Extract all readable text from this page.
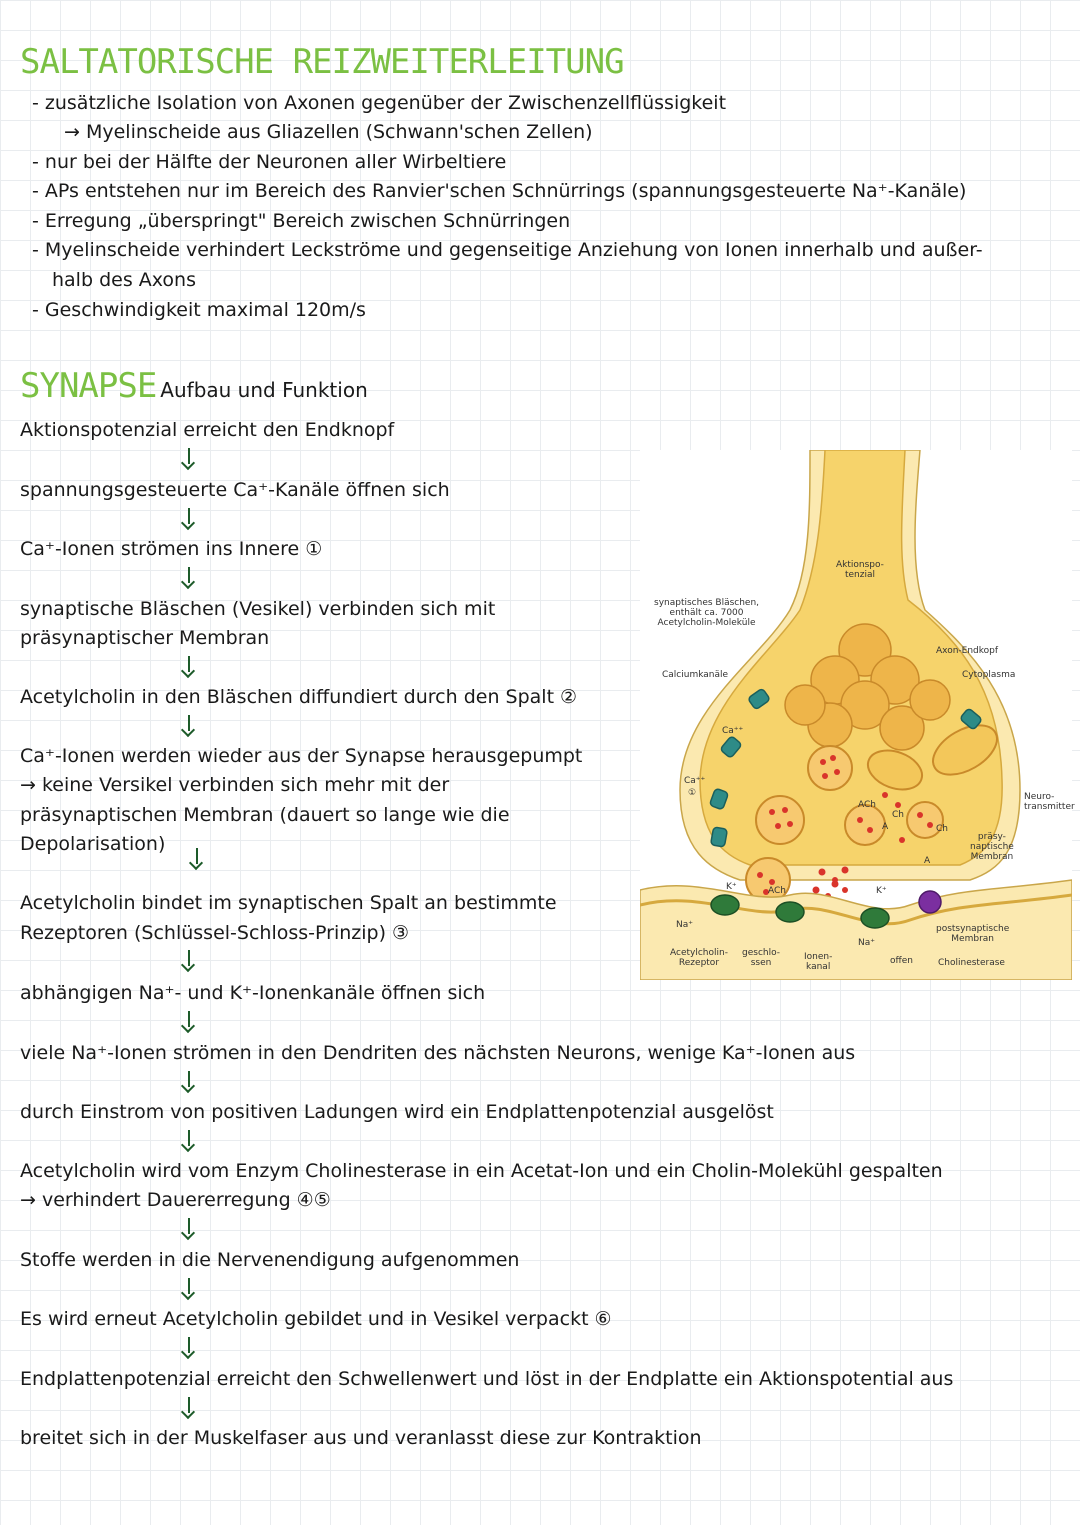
SALTATORISCHE REIZWEITERLEITUNG
- zusätzliche Isolation von Axonen gegenüber der Zwischenzellflüssigkeit
→ Myelinscheide aus Gliazellen (Schwann'schen Zellen)
- nur bei der Hälfte der Neuronen aller Wirbeltiere
- APs entstehen nur im Bereich des Ranvier'schen Schnürrings (spannungsgesteuerte Na⁺-Kanäle)
- Erregung „überspringt" Bereich zwischen Schnürringen
- Myelinscheide verhindert Leckströme und gegenseitige Anziehung von Ionen innerhalb und außer-
halb des Axons
- Geschwindigkeit maximal 120m/s
SYNAPSE Aufbau und Funktion
Aktionspotenzial erreicht den Endknopf
spannungsgesteuerte Ca⁺-Kanäle öffnen sich
Ca⁺-Ionen strömen ins Innere ①
synaptische Bläschen (Vesikel) verbinden sich mit
präsynaptischer Membran
Acetylcholin in den Bläschen diffundiert durch den Spalt ②
Ca⁺-Ionen werden wieder aus der Synapse herausgepumpt
→ keine Versikel verbinden sich mehr mit der
präsynaptischen Membran (dauert so lange wie die
Depolarisation)
Acetylcholin bindet im synaptischen Spalt an bestimmte
Rezeptoren (Schlüssel-Schloss-Prinzip) ③
abhängigen Na⁺- und K⁺-Ionenkanäle öffnen sich
viele Na⁺-Ionen strömen in den Dendriten des nächsten Neurons, wenige Ka⁺-Ionen aus
durch Einstrom von positiven Ladungen wird ein Endplattenpotenzial ausgelöst
Acetylcholin wird vom Enzym Cholinesterase in ein Acetat-Ion und ein Cholin-Molekühl gespalten
→ verhindert Dauererregung ④⑤
Stoffe werden in die Nervenendigung aufgenommen
Es wird erneut Acetylcholin gebildet und in Vesikel verpackt ⑥
Endplattenpotenzial erreicht den Schwellenwert und löst in der Endplatte ein Aktionspotential aus
breitet sich in der Muskelfaser aus und veranlasst diese zur Kontraktion
Aktionspo-
tenzial
synaptisches Bläschen,
enthält ca. 7000
Acetylcholin-Moleküle
Axon-Endkopf
Cytoplasma
Calciumkanäle
Ca⁺⁺
Ca⁺⁺
①
ACh
ACh
Neuro-
transmitter
Ch
Ch
A
A
präsy-
naptische
Membran
K⁺	K⁺
Na⁺
Na⁺
Acetylcholin-
Rezeptor
geschlo-
ssen
Ionen-
kanal
offen
postsynaptische
Membran
Cholinesterase
